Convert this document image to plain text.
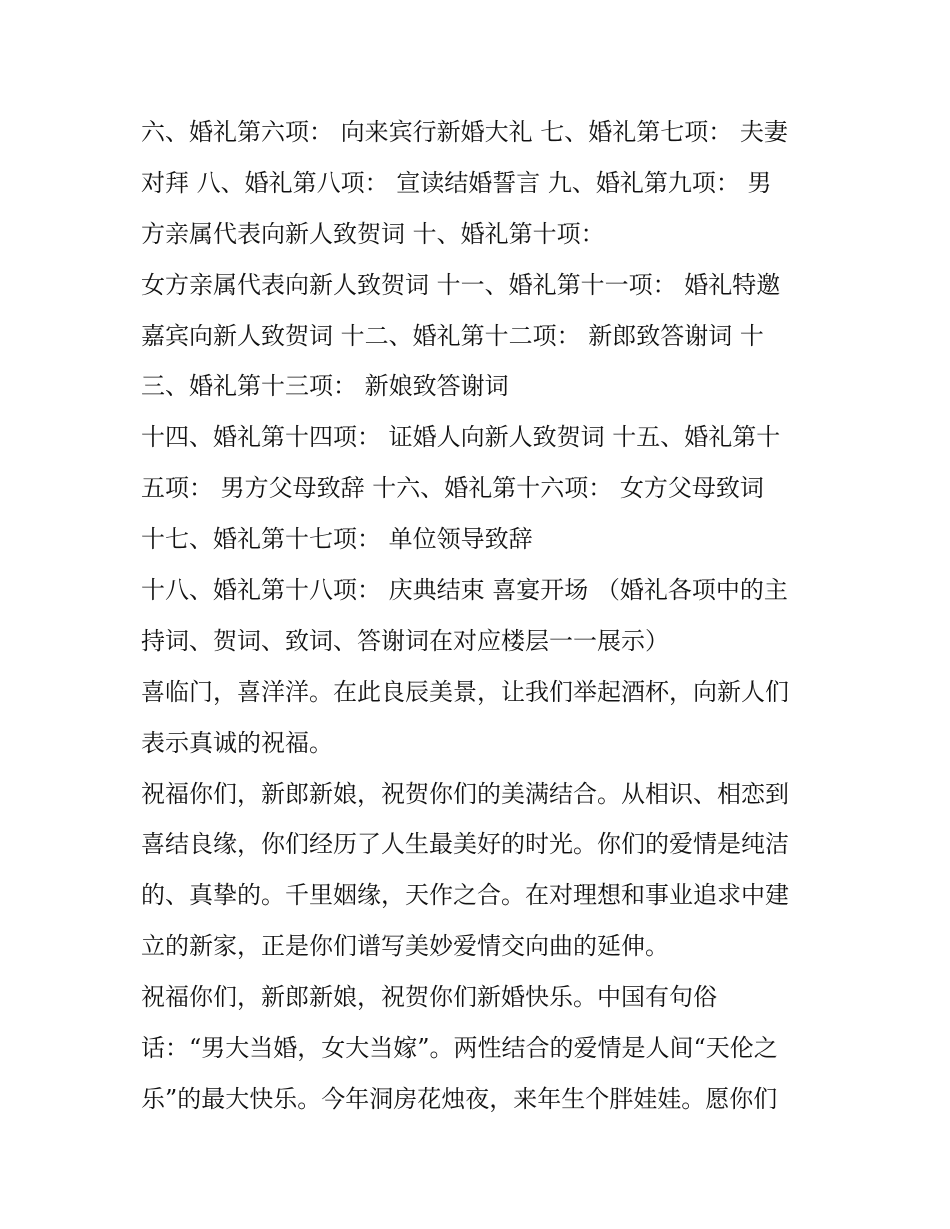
六、婚礼第六项： 向来宾行新婚大礼 七、婚礼第七项： 夫妻
对拜 八、婚礼第八项： 宣读结婚誓言 九、婚礼第九项： 男
方亲属代表向新人致贺词 十、婚礼第十项：
女方亲属代表向新人致贺词 十一、婚礼第十一项： 婚礼特邀
嘉宾向新人致贺词 十二、婚礼第十二项： 新郎致答谢词 十
三、婚礼第十三项： 新娘致答谢词
十四、婚礼第十四项： 证婚人向新人致贺词 十五、婚礼第十
五项： 男方父母致辞 十六、婚礼第十六项： 女方父母致词
十七、婚礼第十七项： 单位领导致辞
十八、婚礼第十八项： 庆典结束 喜宴开场 （婚礼各项中的主
持词、贺词、致词、答谢词在对应楼层一一展示）
喜临门，喜洋洋。在此良辰美景，让我们举起酒杯，向新人们
表示真诚的祝福。
祝福你们，新郎新娘，祝贺你们的美满结合。从相识、相恋到
喜结良缘，你们经历了人生最美好的时光。你们的爱情是纯洁
的、真挚的。千里姻缘，天作之合。在对理想和事业追求中建
立的新家，正是你们谱写美妙爱情交向曲的延伸。
祝福你们，新郎新娘，祝贺你们新婚快乐。中国有句俗
话：“男大当婚，女大当嫁”。两性结合的爱情是人间“天伦之
乐”的最大快乐。今年洞房花烛夜，来年生个胖娃娃。愿你们
